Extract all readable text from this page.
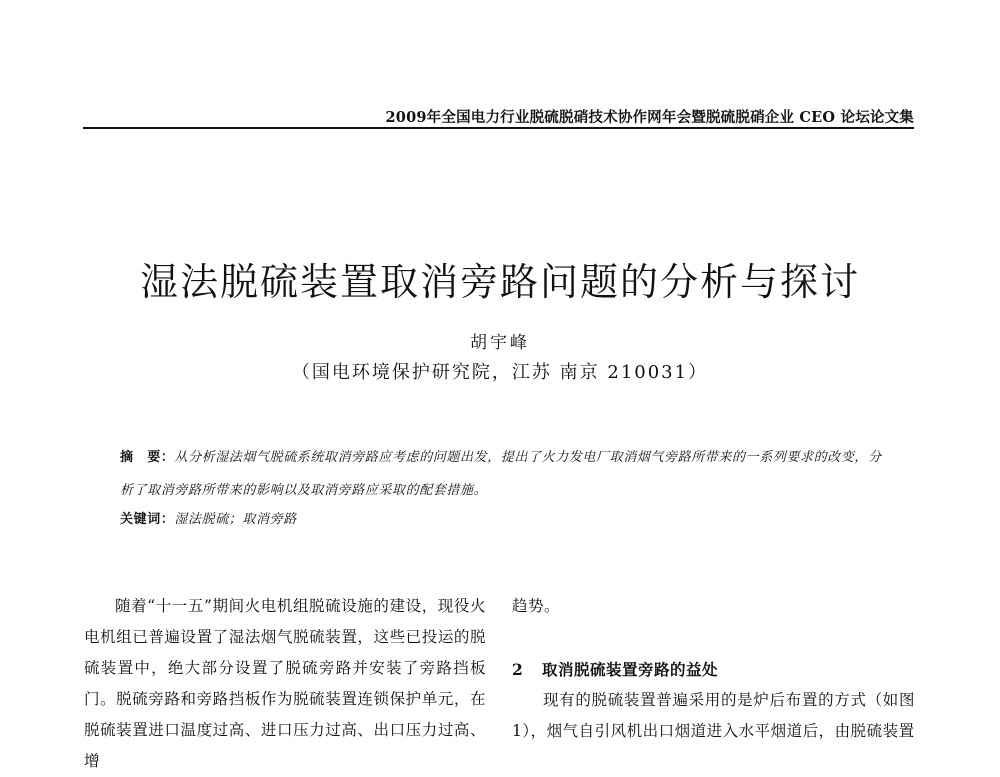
2009年全国电力行业脱硫脱硝技术协作网年会暨脱硫脱硝企业 CEO 论坛论文集
湿法脱硫装置取消旁路问题的分析与探讨
胡宇峰
（国电环境保护研究院，江苏 南京 210031）
摘　要：从分析湿法烟气脱硫系统取消旁路应考虑的问题出发，提出了火力发电厂取消烟气旁路所带来的一系列要求的改变，分析了取消旁路所带来的影响以及取消旁路应采取的配套措施。
关键词：湿法脱硫；取消旁路

随着“十一五”期间火电机组脱硫设施的建设，现役火电机组已普遍设置了湿法烟气脱硫装置，这些已投运的脱硫装置中，绝大部分设置了脱硫旁路并安装了旁路挡板门。脱硫旁路和旁路挡板作为脱硫装置连锁保护单元，在脱硫装置进口温度过高、进口压力过高、出口压力过高、增

趋势。

2 取消脱硫装置旁路的益处

现有的脱硫装置普遍采用的是炉后布置的方式（如图1），烟气自引风机出口烟道进入水平烟道后，由脱硫装置
